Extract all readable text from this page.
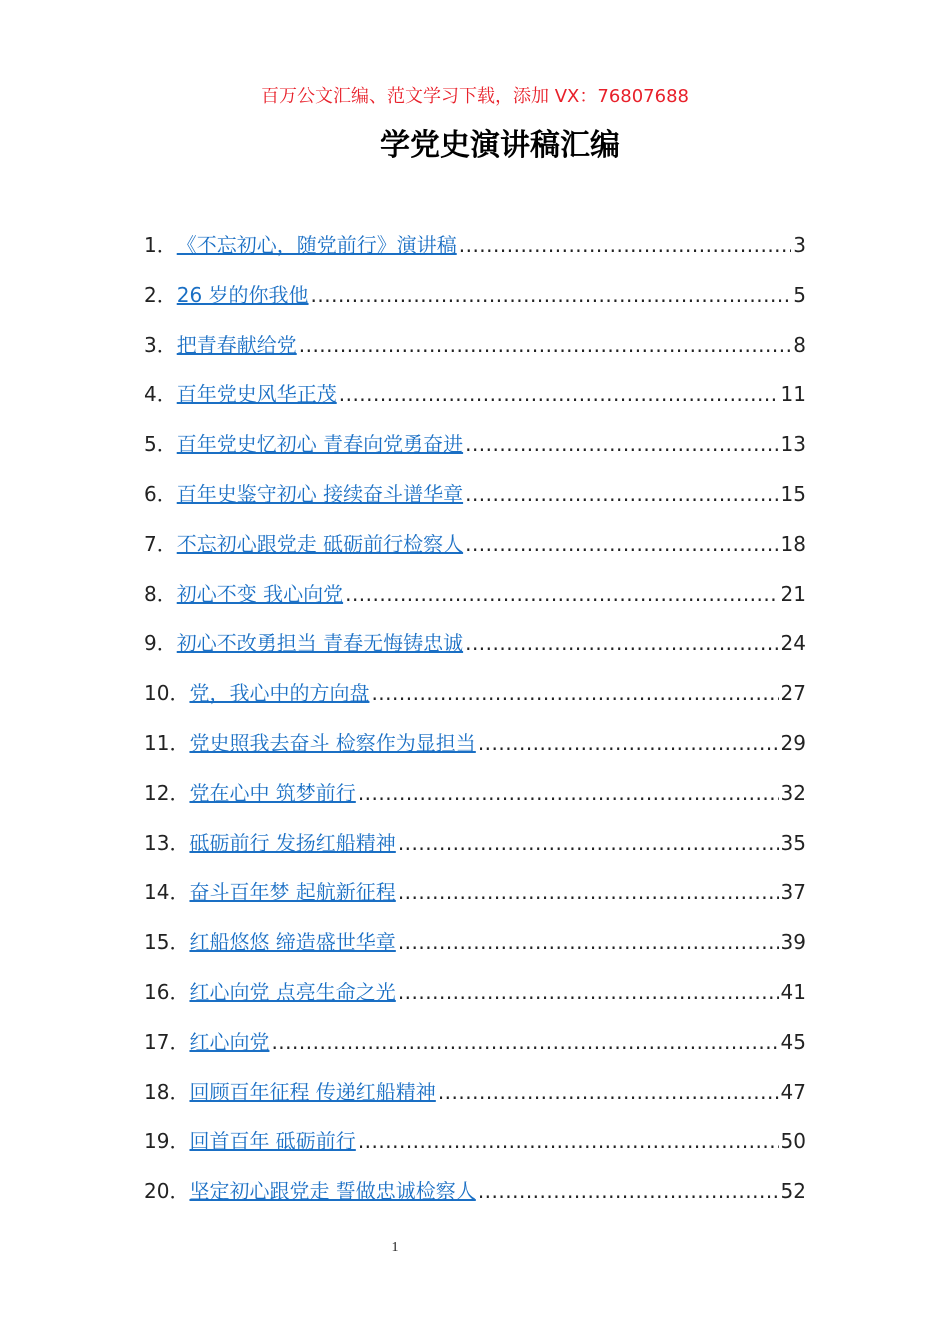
百万公文汇编、范文学习下载，添加 VX：76807688
学党史演讲稿汇编
1． 《不忘初心，随党前行》演讲稿 .....	3
2． 26 岁的你我他 .....	5
3． 把青春献给党 .....	8
4． 百年党史风华正茂 .....	11
5． 百年党史忆初心 青春向党勇奋进 .....	13
6． 百年史鉴守初心 接续奋斗谱华章 .....	15
7． 不忘初心跟党走 砥砺前行检察人 .....	18
8． 初心不变 我心向党 .....	21
9． 初心不改勇担当 青春无悔铸忠诚 .....	24
10． 党，我心中的方向盘 .....	27
11． 党史照我去奋斗 检察作为显担当 .....	29
12． 党在心中 筑梦前行 .....	32
13． 砥砺前行 发扬红船精神 .....	35
14． 奋斗百年梦 起航新征程 .....	37
15． 红船悠悠 缔造盛世华章 .....	39
16． 红心向党 点亮生命之光 .....	41
17． 红心向党 .....	45
18． 回顾百年征程 传递红船精神 .....	47
19． 回首百年 砥砺前行 .....	50
20． 坚定初心跟党走 誓做忠诚检察人 .....	52
1
